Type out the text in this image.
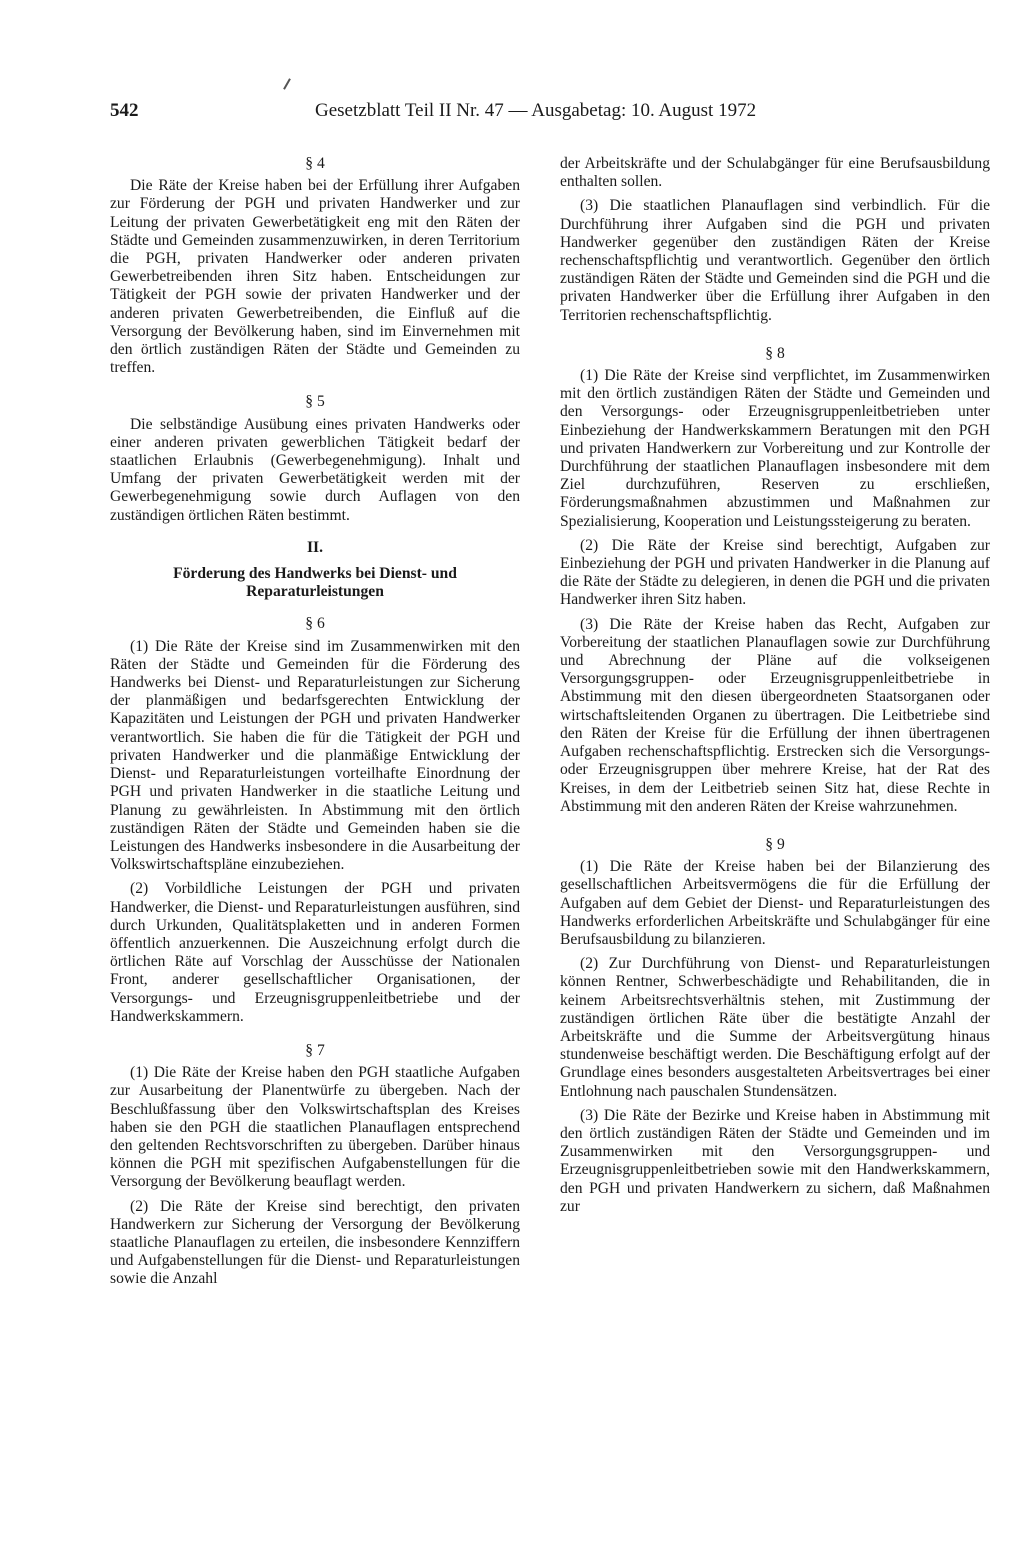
542	Gesetzblatt Teil II Nr. 47 — Ausgabetag: 10. August 1972
§ 4

Die Räte der Kreise haben bei der Erfüllung ihrer Aufgaben zur Förderung der PGH und privaten Handwerker und zur Leitung der privaten Gewerbetätigkeit eng mit den Räten der Städte und Gemeinden zusammenzuwirken, in deren Territorium die PGH, privaten Handwerker oder anderen privaten Gewerbetreibenden ihren Sitz haben. Entscheidungen zur Tätigkeit der PGH sowie der privaten Handwerker und der anderen privaten Gewerbetreibenden, die Einfluß auf die Versorgung der Bevölkerung haben, sind im Einvernehmen mit den örtlich zuständigen Räten der Städte und Gemeinden zu treffen.

§ 5

Die selbständige Ausübung eines privaten Handwerks oder einer anderen privaten gewerblichen Tätigkeit bedarf der staatlichen Erlaubnis (Gewerbegenehmigung). Inhalt und Umfang der privaten Gewerbetätigkeit werden mit der Gewerbegenehmigung sowie durch Auflagen von den zuständigen örtlichen Räten bestimmt.

II.
Förderung des Handwerks bei Dienst- und Reparaturleistungen
§ 6

(1) Die Räte der Kreise sind im Zusammenwirken mit den Räten der Städte und Gemeinden für die Förderung des Handwerks bei Dienst- und Reparaturleistungen zur Sicherung der planmäßigen und bedarfsgerechten Entwicklung der Kapazitäten und Leistungen der PGH und privaten Handwerker verantwortlich. Sie haben die für die Tätigkeit der PGH und privaten Handwerker und die planmäßige Entwicklung der Dienst- und Reparaturleistungen vorteilhafte Einordnung der PGH und privaten Handwerker in die staatliche Leitung und Planung zu gewährleisten. In Abstimmung mit den örtlich zuständigen Räten der Städte und Gemeinden haben sie die Leistungen des Handwerks insbesondere in die Ausarbeitung der Volkswirtschaftspläne einzubeziehen.

(2) Vorbildliche Leistungen der PGH und privaten Handwerker, die Dienst- und Reparaturleistungen ausführen, sind durch Urkunden, Qualitätsplaketten und in anderen Formen öffentlich anzuerkennen. Die Auszeichnung erfolgt durch die örtlichen Räte auf Vorschlag der Ausschüsse der Nationalen Front, anderer gesellschaftlicher Organisationen, der Versorgungs- und Erzeugnisgruppenleitbetriebe und der Handwerkskammern.

§ 7

(1) Die Räte der Kreise haben den PGH staatliche Aufgaben zur Ausarbeitung der Planentwürfe zu übergeben. Nach der Beschlußfassung über den Volkswirtschaftsplan des Kreises haben sie den PGH die staatlichen Planauflagen entsprechend den geltenden Rechtsvorschriften zu übergeben. Darüber hinaus können die PGH mit spezifischen Aufgabenstellungen für die Versorgung der Bevölkerung beauflagt werden.

(2) Die Räte der Kreise sind berechtigt, den privaten Handwerkern zur Sicherung der Versorgung der Bevölkerung staatliche Planauflagen zu erteilen, die insbesondere Kennziffern und Aufgabenstellungen für die Dienst- und Reparaturleistungen sowie die Anzahl

der Arbeitskräfte und der Schulabgänger für eine Berufsausbildung enthalten sollen.

(3) Die staatlichen Planauflagen sind verbindlich. Für die Durchführung ihrer Aufgaben sind die PGH und privaten Handwerker gegenüber den zuständigen Räten der Kreise rechenschaftspflichtig und verantwortlich. Gegenüber den örtlich zuständigen Räten der Städte und Gemeinden sind die PGH und die privaten Handwerker über die Erfüllung ihrer Aufgaben in den Territorien rechenschaftspflichtig.

§ 8

(1) Die Räte der Kreise sind verpflichtet, im Zusammenwirken mit den örtlich zuständigen Räten der Städte und Gemeinden und den Versorgungs- oder Erzeugnisgruppenleitbetrieben unter Einbeziehung der Handwerkskammern Beratungen mit den PGH und privaten Handwerkern zur Vorbereitung und zur Kontrolle der Durchführung der staatlichen Planauflagen insbesondere mit dem Ziel durchzuführen, Reserven zu erschließen, Förderungsmaßnahmen abzustimmen und Maßnahmen zur Spezialisierung, Kooperation und Leistungssteigerung zu beraten.

(2) Die Räte der Kreise sind berechtigt, Aufgaben zur Einbeziehung der PGH und privaten Handwerker in die Planung auf die Räte der Städte zu delegieren, in denen die PGH und die privaten Handwerker ihren Sitz haben.

(3) Die Räte der Kreise haben das Recht, Aufgaben zur Vorbereitung der staatlichen Planauflagen sowie zur Durchführung und Abrechnung der Pläne auf die volkseigenen Versorgungsgruppen- oder Erzeugnisgruppenleitbetriebe in Abstimmung mit den diesen übergeordneten Staatsorganen oder wirtschaftsleitenden Organen zu übertragen. Die Leitbetriebe sind den Räten der Kreise für die Erfüllung der ihnen übertragenen Aufgaben rechenschaftspflichtig. Erstrecken sich die Versorgungs- oder Erzeugnisgruppen über mehrere Kreise, hat der Rat des Kreises, in dem der Leitbetrieb seinen Sitz hat, diese Rechte in Abstimmung mit den anderen Räten der Kreise wahrzunehmen.

§ 9

(1) Die Räte der Kreise haben bei der Bilanzierung des gesellschaftlichen Arbeitsvermögens die für die Erfüllung der Aufgaben auf dem Gebiet der Dienst- und Reparaturleistungen des Handwerks erforderlichen Arbeitskräfte und Schulabgänger für eine Berufsausbildung zu bilanzieren.

(2) Zur Durchführung von Dienst- und Reparaturleistungen können Rentner, Schwerbeschädigte und Rehabilitanden, die in keinem Arbeitsrechtsverhältnis stehen, mit Zustimmung der zuständigen örtlichen Räte über die bestätigte Anzahl der Arbeitskräfte und die Summe der Arbeitsvergütung hinaus stundenweise beschäftigt werden. Die Beschäftigung erfolgt auf der Grundlage eines besonders ausgestalteten Arbeitsvertrages bei einer Entlohnung nach pauschalen Stundensätzen.

(3) Die Räte der Bezirke und Kreise haben in Abstimmung mit den örtlich zuständigen Räten der Städte und Gemeinden und im Zusammenwirken mit den Versorgungsgruppen- und Erzeugnisgruppenleitbetrieben sowie mit den Handwerkskammern, den PGH und privaten Handwerkern zu sichern, daß Maßnahmen zur
